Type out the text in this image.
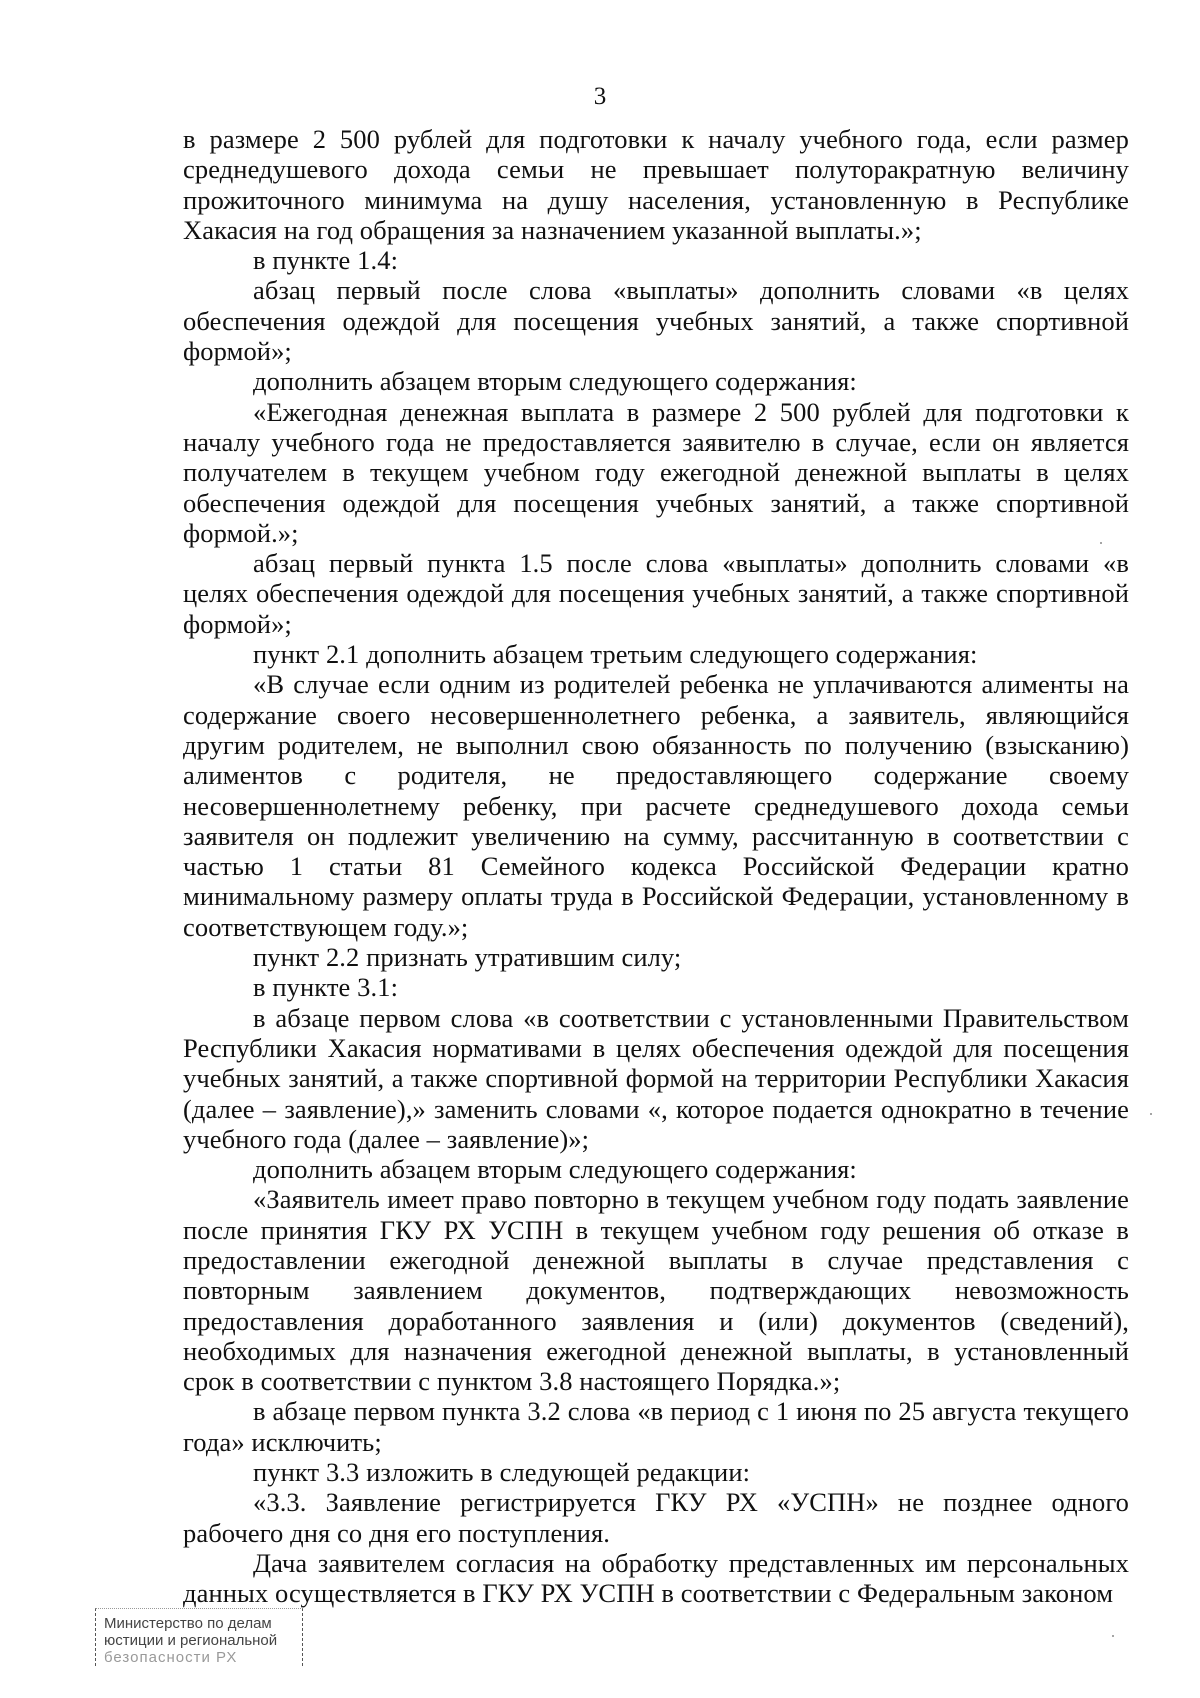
3

в размере 2 500 рублей для подготовки к началу учебного года, если размер среднедушевого дохода семьи не превышает полуторакратную величину прожиточного минимума на душу населения, установленную в Республике Хакасия на год обращения за назначением указанной выплаты.»;

в пункте 1.4:

абзац первый после слова «выплаты» дополнить словами «в целях обеспечения одеждой для посещения учебных занятий, а также спортивной формой»;

дополнить абзацем вторым следующего содержания:

«Ежегодная денежная выплата в размере 2 500 рублей для подготовки к началу учебного года не предоставляется заявителю в случае, если он является получателем в текущем учебном году ежегодной денежной выплаты в целях обеспечения одеждой для посещения учебных занятий, а также спортивной формой.»;

абзац первый пункта 1.5 после слова «выплаты» дополнить словами «в целях обеспечения одеждой для посещения учебных занятий, а также спортивной формой»;

пункт 2.1 дополнить абзацем третьим следующего содержания:

«В случае если одним из родителей ребенка не уплачиваются алименты на содержание своего несовершеннолетнего ребенка, а заявитель, являющийся другим родителем, не выполнил свою обязанность по получению (взысканию) алиментов с родителя, не предоставляющего содержание своему несовершеннолетнему ребенку, при расчете среднедушевого дохода семьи заявителя он подлежит увеличению на сумму, рассчитанную в соответствии с частью 1 статьи 81 Семейного кодекса Российской Федерации кратно минимальному размеру оплаты труда в Российской Федерации, установленному в соответствующем году.»;

пункт 2.2 признать утратившим силу;

в пункте 3.1:

в абзаце первом слова «в соответствии с установленными Правительством Республики Хакасия нормативами в целях обеспечения одеждой для посещения учебных занятий, а также спортивной формой на территории Республики Хакасия (далее – заявление),» заменить словами «, которое подается однократно в течение учебного года (далее – заявление)»;

дополнить абзацем вторым следующего содержания:

«Заявитель имеет право повторно в текущем учебном году подать заявление после принятия ГКУ РХ УСПН в текущем учебном году решения об отказе в предоставлении ежегодной денежной выплаты в случае представления с повторным заявлением документов, подтверждающих невозможность предоставления доработанного заявления и (или) документов (сведений), необходимых для назначения ежегодной денежной выплаты, в установленный срок в соответствии с пунктом 3.8 настоящего Порядка.»;

в абзаце первом пункта 3.2 слова «в период с 1 июня по 25 августа текущего года» исключить;

пункт 3.3 изложить в следующей редакции:

«3.3. Заявление регистрируется ГКУ РХ «УСПН» не позднее одного рабочего дня со дня его поступления.

Дача заявителем согласия на обработку представленных им персональных данных осуществляется в ГКУ РХ УСПН в соответствии с Федеральным законом

Министерство по делам
юстиции и региональной
безопасности РХ
